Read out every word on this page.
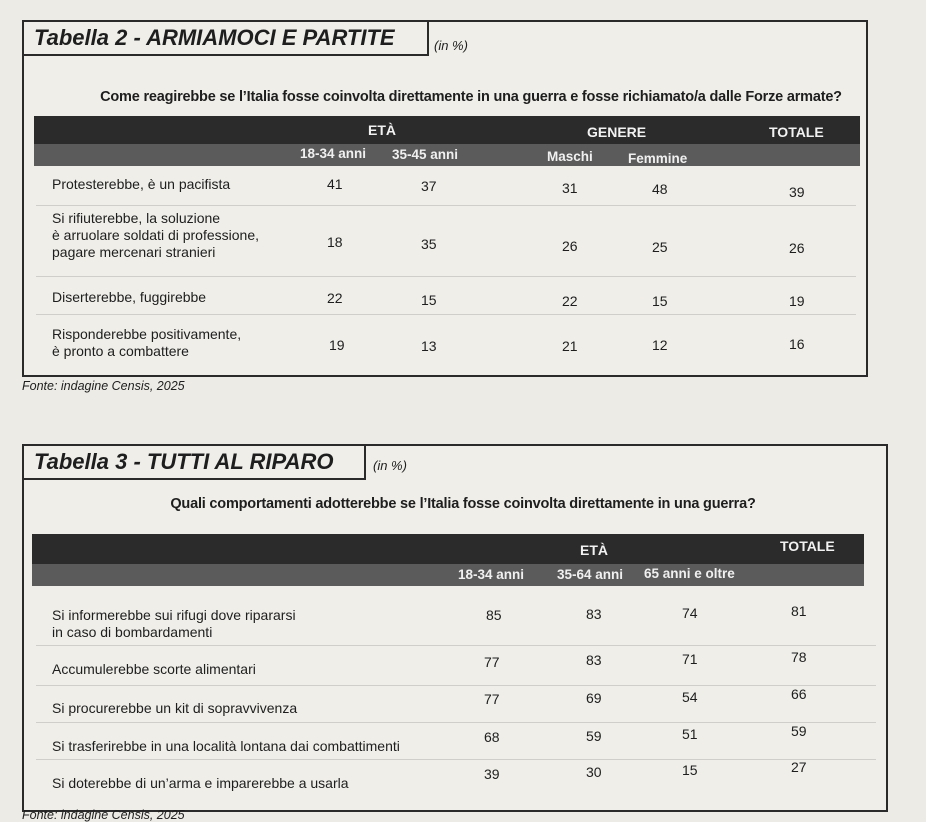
Tabella 2 - ARMIAMOCI E PARTITE	(in %)
Come reagirebbe se l’Italia fosse coinvolta direttamente in una guerra e fosse richiamato/a dalle Forze armate?
ETÀ	GENERE	TOTALE
18-34 anni 35-45 anni	Maschi	Femmine
Protesterebbe, è un pacifista	41	37	31	48	39
Si rifiuterebbe, la soluzione
è arruolare soldati di professione,
pagare mercenari stranieri
18	35	26	25	26
Diserterebbe, fuggirebbe	22	15	22	15	19
Risponderebbe positivamente,
è pronto a combattere	19	13	21	12	16
Fonte: indagine Censis, 2025
Tabella 3 - TUTTI AL RIPARO	(in %)
Quali comportamenti adotterebbe se l’Italia fosse coinvolta direttamente in una guerra?
ETÀ	TOTALE
18-34 anni 35-64 anni 65 anni e oltre
Si informerebbe sui rifugi dove ripararsi
in caso di bombardamenti
85	83	74	81
Accumulerebbe scorte alimentari	77	83	71	78
Si procurerebbe un kit di sopravvivenza
77	69	54	66
Si trasferirebbe in una località lontana dai combattimenti
68	59	51	59
Si doterebbe di un’arma e imparerebbe a usarla
39	30	15	27
Fonte: indagine Censis, 2025
